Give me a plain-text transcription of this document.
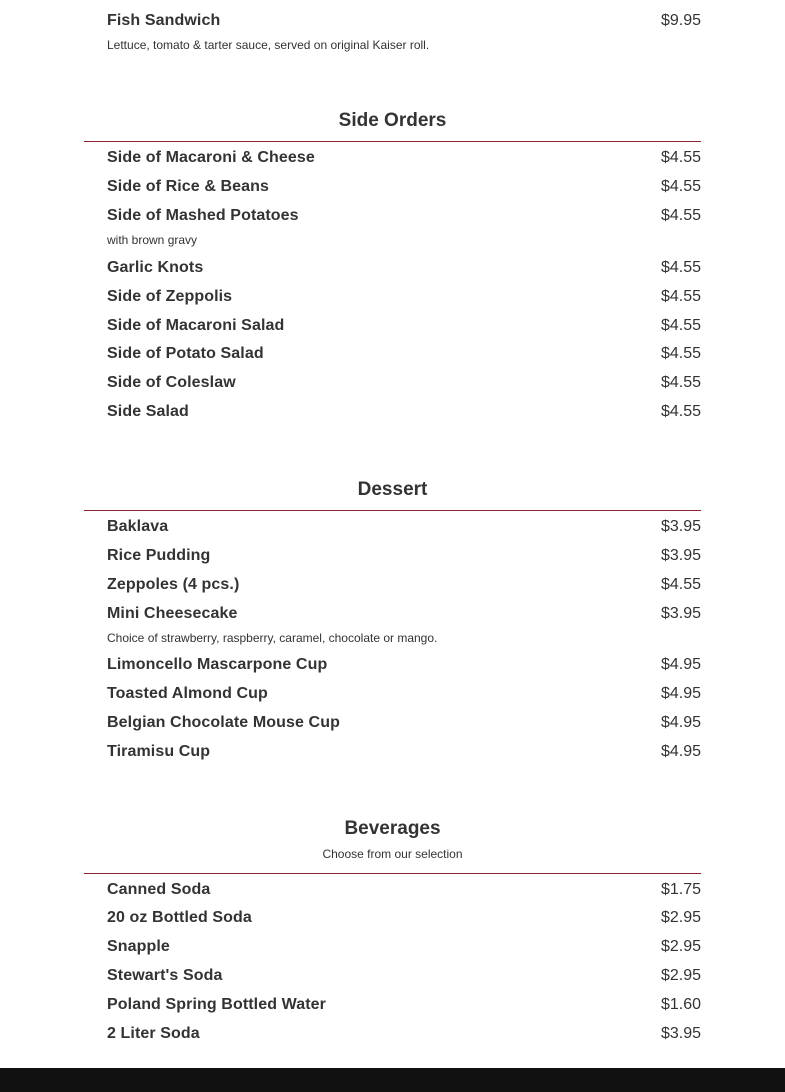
Fish Sandwich	$9.95
Lettuce, tomato & tarter sauce, served on original Kaiser roll.
Side Orders
Side of Macaroni & Cheese	$4.55
Side of Rice & Beans	$4.55
Side of Mashed Potatoes	$4.55
with brown gravy
Garlic Knots	$4.55
Side of Zeppolis	$4.55
Side of Macaroni Salad	$4.55
Side of Potato Salad	$4.55
Side of Coleslaw	$4.55
Side Salad	$4.55
Dessert
Baklava	$3.95
Rice Pudding	$3.95
Zeppoles (4 pcs.)	$4.55
Mini Cheesecake	$3.95
Choice of strawberry, raspberry, caramel, chocolate or mango.
Limoncello Mascarpone Cup	$4.95
Toasted Almond Cup	$4.95
Belgian Chocolate Mouse Cup	$4.95
Tiramisu Cup	$4.95
Beverages
Choose from our selection
Canned Soda	$1.75
20 oz Bottled Soda	$2.95
Snapple	$2.95
Stewart's Soda	$2.95
Poland Spring Bottled Water	$1.60
2 Liter Soda	$3.95
